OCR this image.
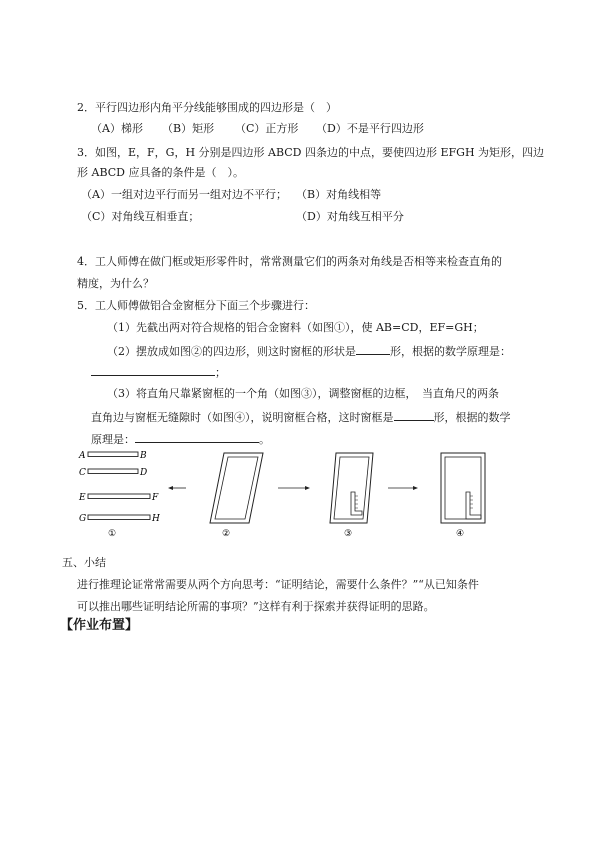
2．平行四边形内角平分线能够围成的四边形是（　）
（A）梯形 （B）矩形 （C）正方形 （D）不是平行四边形
3．如图，E，F，G，H 分别是四边形 ABCD 四条边的中点，要使四边形 EFGH 为矩形，四边
形 ABCD 应具备的条件是（　）。
（A）一组对边平行而另一组对边不平行； （B）对角线相等
（C）对角线互相垂直；	（D）对角线互相平分
4．工人师傅在做门框或矩形零件时，常常测量它们的两条对角线是否相等来检查直角的
精度，为什么？
5．工人师傅做铝合金窗框分下面三个步骤进行：
（1）先截出两对符合规格的铝合金窗料（如图①），使 AB=CD，EF=GH；
（2）摆放成如图②的四边形，则这时窗框的形状是	形，根据的数学原理是：
；
（3）将直角尺靠紧窗框的一个角（如图③），调整窗框的边框，　当直角尺的两条
直角边与窗框无缝隙时（如图④），说明窗框合格，这时窗框是	形，根据的数学
原理是：	。
A	B
C	D
E	F
G	H
①	②	③	④
五、小结
进行推理论证常常需要从两个方向思考：“证明结论，需要什么条件？”“从已知条件
可以推出哪些证明结论所需的事项？”这样有利于探索并获得证明的思路。
【作业布置】
